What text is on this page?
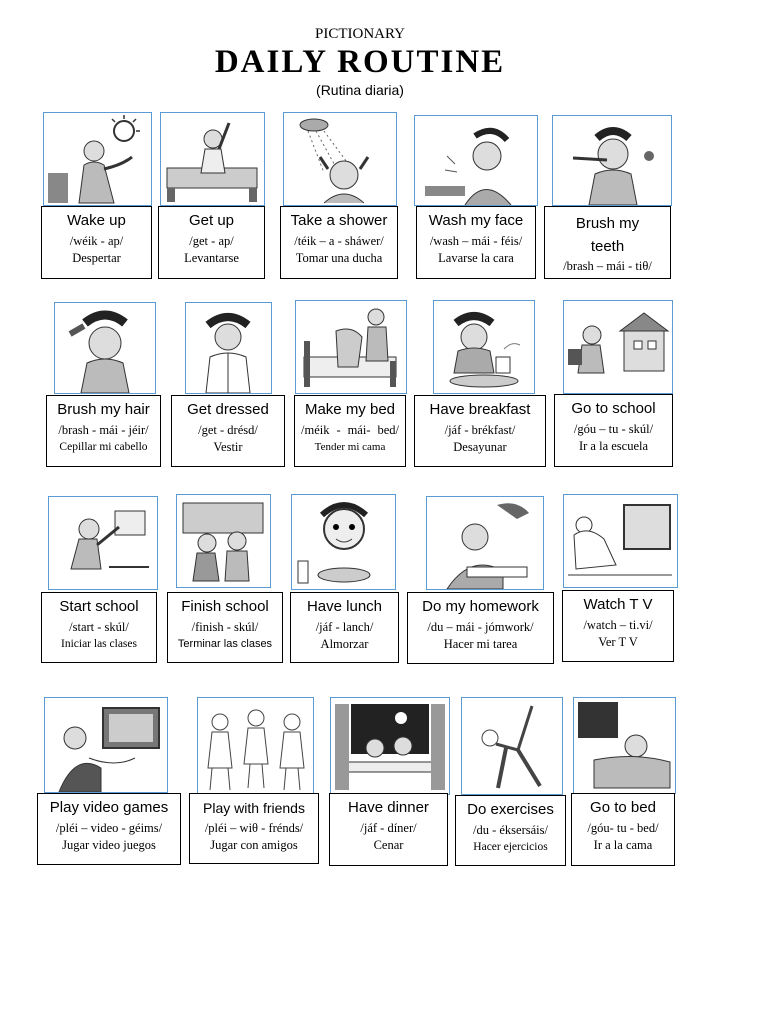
PICTIONARY
DAILY ROUTINE
(Rutina diaria)
Wake up
/wéik - ap/
Despertar
Get up
/get - ap/
Levantarse
Take a shower
/téik – a - sháwer/
Tomar una ducha
Wash my face
/wash – mái - féis/
Lavarse la cara
Brush my teeth
/brash – mái - tiθ/
Brush my hair
/brash - mái - jéir/
Cepillar mi cabello
Get dressed
/get - drésd/
Vestir
Make my bed
/méik - mái- bed/
Tender mi cama
Have breakfast
/jáf - brékfast/
Desayunar
Go to school
/góu – tu - skúl/
Ir a la escuela
Start school
/start - skúl/
Iniciar las clases
Finish school
/finish - skúl/
Terminar las clases
Have lunch
/jáf - lanch/
Almorzar
Do my homework
/du – mái - jómwork/
Hacer mi tarea
Watch T V
/watch – ti.vi/
Ver T V
Play video games
/pléi – video - géims/
Jugar video juegos
Play with friends
/pléi – wiθ - frénds/
Jugar con amigos
Have dinner
/jáf - díner/
Cenar
Do exercises
/du - éksersáis/
Hacer ejercicios
Go to bed
/góu- tu - bed/
Ir a la cama
